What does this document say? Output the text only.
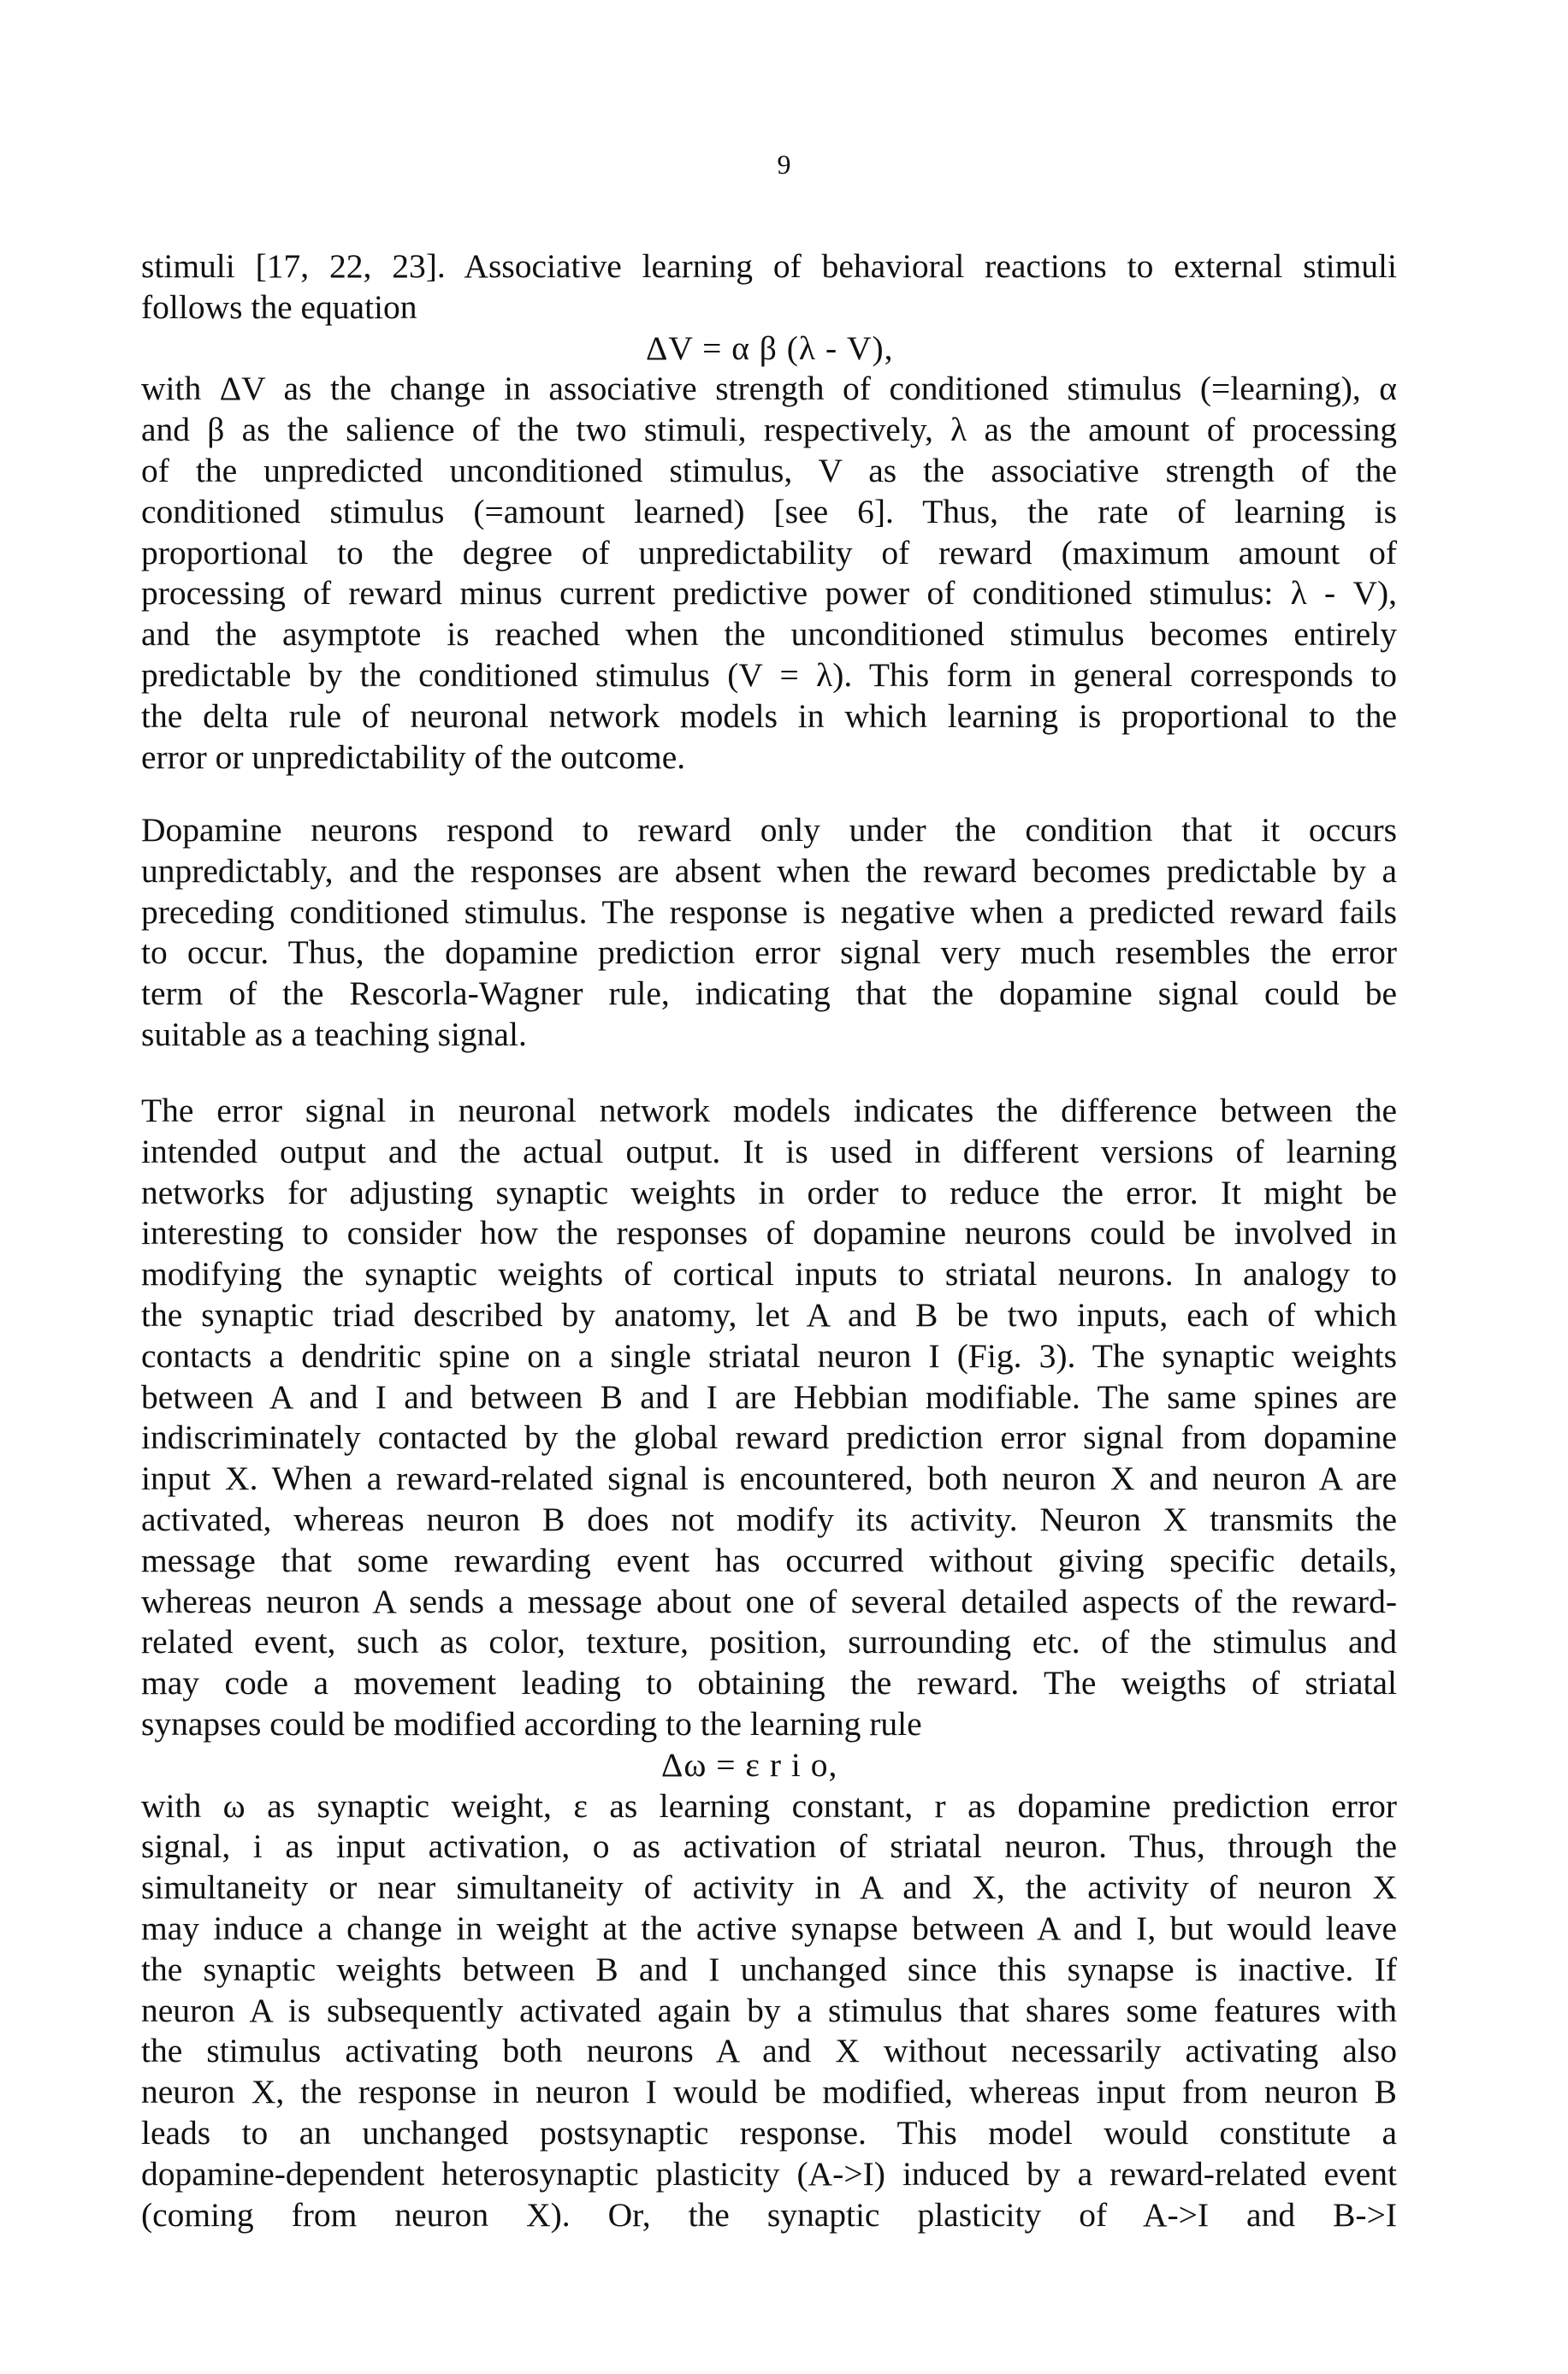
9
stimuli [17, 22, 23]. Associative learning of behavioral reactions to external stimuli
follows the equation
ΔV = α β (λ - V),
with ΔV as the change in associative strength of conditioned stimulus (=learning), α
and β as the salience of the two stimuli, respectively, λ as the amount of processing
of the unpredicted unconditioned stimulus, V as the associative strength of the
conditioned stimulus (=amount learned) [see 6]. Thus, the rate of learning is
proportional to the degree of unpredictability of reward (maximum amount of
processing of reward minus current predictive power of conditioned stimulus: λ - V),
and the asymptote is reached when the unconditioned stimulus becomes entirely
predictable by the conditioned stimulus (V = λ). This form in general corresponds to
the delta rule of neuronal network models in which learning is proportional to the
error or unpredictability of the outcome.
Dopamine neurons respond to reward only under the condition that it occurs
unpredictably, and the responses are absent when the reward becomes predictable by a
preceding conditioned stimulus. The response is negative when a predicted reward fails
to occur. Thus, the dopamine prediction error signal very much resembles the error
term of the Rescorla-Wagner rule, indicating that the dopamine signal could be
suitable as a teaching signal.
The error signal in neuronal network models indicates the difference between the
intended output and the actual output. It is used in different versions of learning
networks for adjusting synaptic weights in order to reduce the error. It might be
interesting to consider how the responses of dopamine neurons could be involved in
modifying the synaptic weights of cortical inputs to striatal neurons. In analogy to
the synaptic triad described by anatomy, let A and B be two inputs, each of which
contacts a dendritic spine on a single striatal neuron I (Fig. 3). The synaptic weights
between A and I and between B and I are Hebbian modifiable. The same spines are
indiscriminately contacted by the global reward prediction error signal from dopamine
input X. When a reward-related signal is encountered, both neuron X and neuron A are
activated, whereas neuron B does not modify its activity. Neuron X transmits the
message that some rewarding event has occurred without giving specific details,
whereas neuron A sends a message about one of several detailed aspects of the reward-
related event, such as color, texture, position, surrounding etc. of the stimulus and
may code a movement leading to obtaining the reward. The weigths of striatal
synapses could be modified according to the learning rule
Δω = ε r i o,
with ω as synaptic weight, ε as learning constant, r as dopamine prediction error
signal, i as input activation, o as activation of striatal neuron. Thus, through the
simultaneity or near simultaneity of activity in A and X, the activity of neuron X
may induce a change in weight at the active synapse between A and I, but would leave
the synaptic weights between B and I unchanged since this synapse is inactive. If
neuron A is subsequently activated again by a stimulus that shares some features with
the stimulus activating both neurons A and X without necessarily activating also
neuron X, the response in neuron I would be modified, whereas input from neuron B
leads to an unchanged postsynaptic response. This model would constitute a
dopamine-dependent heterosynaptic plasticity (A->I) induced by a reward-related event
(coming from neuron X). Or, the synaptic plasticity of A->I and B->I
